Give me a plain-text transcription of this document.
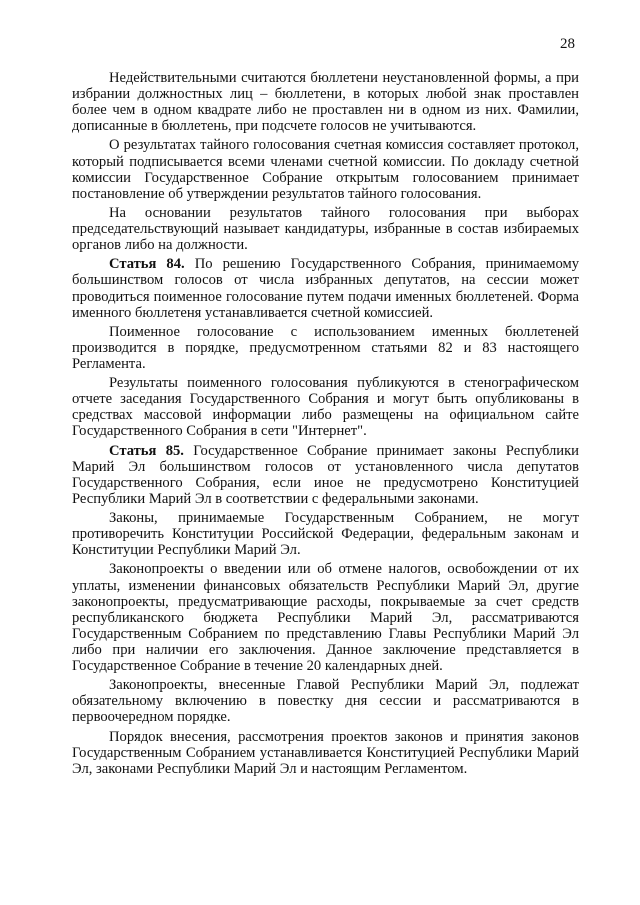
28

Недействительными считаются бюллетени неустановленной формы, а при избрании должностных лиц – бюллетени, в которых любой знак проставлен более чем в одном квадрате либо не проставлен ни в одном из них. Фамилии, дописанные в бюллетень, при подсчете голосов не учитываются.

О результатах тайного голосования счетная комиссия составляет протокол, который подписывается всеми членами счетной комиссии. По докладу счетной комиссии Государственное Собрание открытым голосованием принимает постановление об утверждении результатов тайного голосования.

На основании результатов тайного голосования при выборах председательствующий называет кандидатуры, избранные в состав избираемых органов либо на должности.

Статья 84. По решению Государственного Собрания, принимаемому большинством голосов от числа избранных депутатов, на сессии может проводиться поименное голосование путем подачи именных бюллетеней. Форма именного бюллетеня устанавливается счетной комиссией.

Поименное голосование с использованием именных бюллетеней производится в порядке, предусмотренном статьями 82 и 83 настоящего Регламента.

Результаты поименного голосования публикуются в стенографическом отчете заседания Государственного Собрания и могут быть опубликованы в средствах массовой информации либо размещены на официальном сайте Государственного Собрания в сети "Интернет".

Статья 85. Государственное Собрание принимает законы Республики Марий Эл большинством голосов от установленного числа депутатов Государственного Собрания, если иное не предусмотрено Конституцией Республики Марий Эл в соответствии с федеральными законами.

Законы, принимаемые Государственным Собранием, не могут противоречить Конституции Российской Федерации, федеральным законам и Конституции Республики Марий Эл.

Законопроекты о введении или об отмене налогов, освобождении от их уплаты, изменении финансовых обязательств Республики Марий Эл, другие законопроекты, предусматривающие расходы, покрываемые за счет средств республиканского бюджета Республики Марий Эл, рассматриваются Государственным Собранием по представлению Главы Республики Марий Эл либо при наличии его заключения. Данное заключение представляется в Государственное Собрание в течение 20 календарных дней.

Законопроекты, внесенные Главой Республики Марий Эл, подлежат обязательному включению в повестку дня сессии и рассматриваются в первоочередном порядке.

Порядок внесения, рассмотрения проектов законов и принятия законов Государственным Собранием устанавливается Конституцией Республики Марий Эл, законами Республики Марий Эл и настоящим Регламентом.
